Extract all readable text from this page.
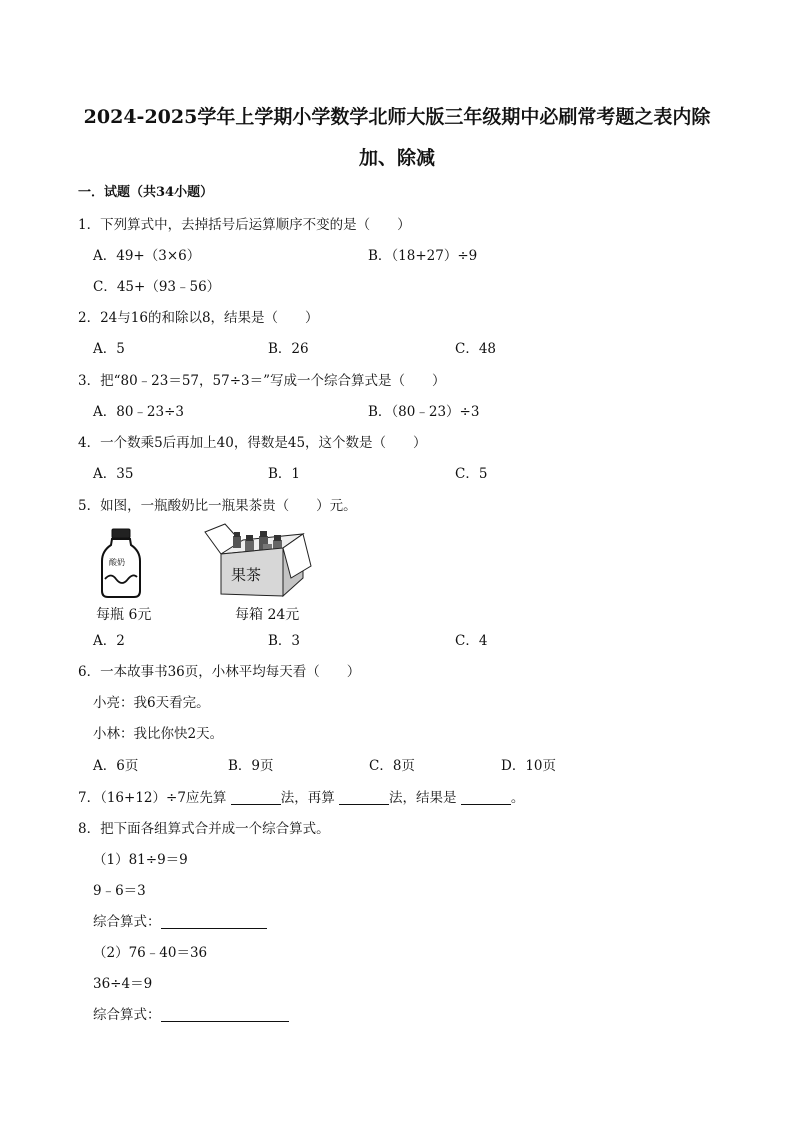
2024-2025学年上学期小学数学北师大版三年级期中必刷常考题之表内除
加、除减
一．试题（共34小题）
1．下列算式中，去掉括号后运算顺序不变的是（　　）
A．49+（3×6）	B．（18+27）÷9
C．45+（93﹣56）
2．24与16的和除以8，结果是（　　）
A．5	B．26	C．48
3．把“80﹣23＝57，57÷3＝”写成一个综合算式是（　　）
A．80﹣23÷3	B．（80﹣23）÷3
4．一个数乘5后再加上40，得数是45，这个数是（　　）
A．35	B．1	C．5
5．如图，一瓶酸奶比一瓶果茶贵（　　）元。
酸奶
果茶
每瓶 6元	每箱 24元
A．2	B．3	C．4
6．一本故事书36页，小林平均每天看（　　）
小亮：我6天看完。
小林：我比你快2天。
A．6页	B．9页	C．8页	D．10页
7．（16+12）÷7应先算	法，再算	法，结果是	。
8．把下面各组算式合并成一个综合算式。
（1）81÷9＝9
9﹣6＝3
综合算式：
（2）76﹣40＝36
36÷4＝9
综合算式：
